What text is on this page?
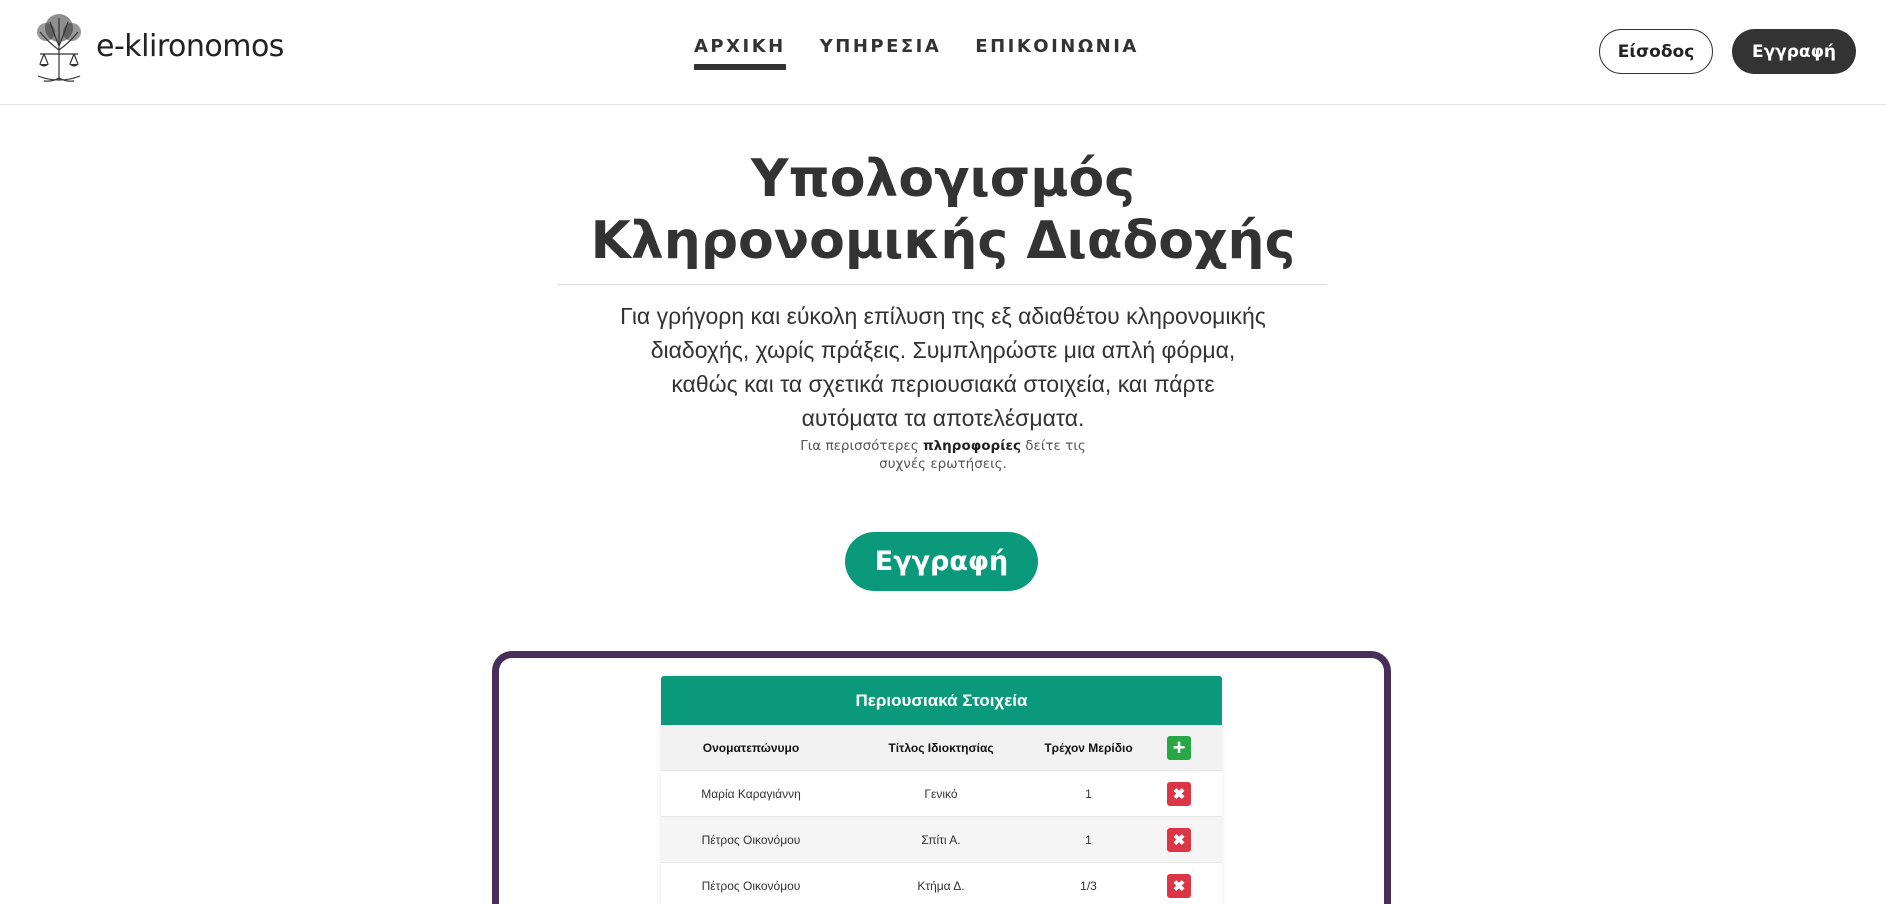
e-klironomos	ΑΡΧΙΚΗ ΥΠΗΡΕΣΙΑ ΕΠΙΚΟΙΝΩΝΙΑ	Είσοδος	Εγγραφή
Υπολογισμός
Κληρονομικής Διαδοχής

Για γρήγορη και εύκολη επίλυση της εξ αδιαθέτου κληρονομικής διαδοχής, χωρίς πράξεις. Συμπληρώστε μια απλή φόρμα, καθώς και τα σχετικά περιουσιακά στοιχεία, και πάρτε αυτόματα τα αποτελέσματα.

Για περισσότερες πληροφορίες δείτε τις συχνές ερωτήσεις.

Εγγραφή
Περιουσιακά Στοιχεία
Ονοματεπώνυμο	Τίτλος Ιδιοκτησίας	Τρέχον Μερίδιο +
Μαρία Καραγιάννη	Γενικό	1	✖
Πέτρος Οικονόμου	Σπίτι Α.	1	✖
Πέτρος Οικονόμου	Κτήμα Δ.	1/3	✖
